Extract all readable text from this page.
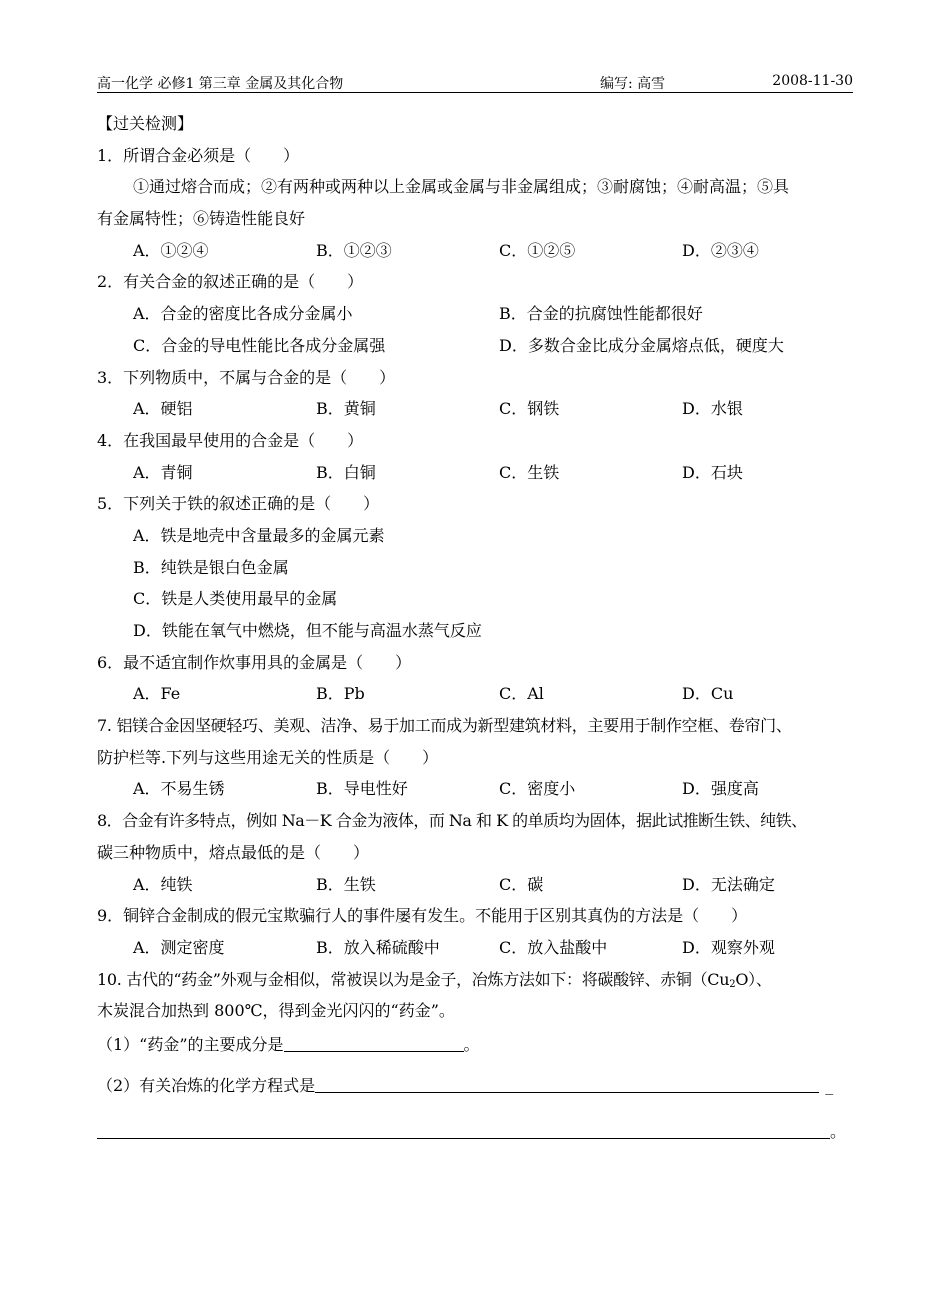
高一化学 必修1 第三章 金属及其化合物	编写: 高雪	2008-11-30
【过关检测】
1．所谓合金必须是（　　）
①通过熔合而成；②有两种或两种以上金属或金属与非金属组成；③耐腐蚀；④耐高温；⑤具
有金属特性；⑥铸造性能良好
A．①②④	B．①②③	C．①②⑤	D．②③④
2．有关合金的叙述正确的是（　　）
A．合金的密度比各成分金属小	B．合金的抗腐蚀性能都很好
C．合金的导电性能比各成分金属强	D．多数合金比成分金属熔点低，硬度大
3．下列物质中，不属与合金的是（　　）
A．硬铝	B．黄铜	C．钢铁	D．水银
4．在我国最早使用的合金是（　　）
A．青铜	B．白铜	C．生铁	D．石块
5．下列关于铁的叙述正确的是（　　）
A．铁是地壳中含量最多的金属元素
B．纯铁是银白色金属
C．铁是人类使用最早的金属
D．铁能在氧气中燃烧，但不能与高温水蒸气反应
6．最不适宜制作炊事用具的金属是（　　）
A．Fe	B．Pb	C．Al	D．Cu
7. 铝镁合金因坚硬轻巧、美观、洁净、易于加工而成为新型建筑材料，主要用于制作空框、卷帘门、
防护栏等.下列与这些用途无关的性质是（　　）
A．不易生锈	B．导电性好	C．密度小	D．强度高
8．合金有许多特点，例如 Na－K 合金为液体，而 Na 和 K 的单质均为固体，据此试推断生铁、纯铁、
碳三种物质中，熔点最低的是（　　）
A．纯铁	B．生铁	C．碳	D．无法确定
9．铜锌合金制成的假元宝欺骗行人的事件屡有发生。不能用于区别其真伪的方法是（　　）
A．测定密度	B．放入稀硫酸中	C．放入盐酸中	D．观察外观
10. 古代的“药金”外观与金相似，常被误以为是金子，冶炼方法如下：将碳酸锌、赤铜$(Cu_2O)$、
木炭混合加热到 800℃，得到金光闪闪的“药金”。
（1）“药金”的主要成分是	。
（2）有关冶炼的化学方程式是	_
。
